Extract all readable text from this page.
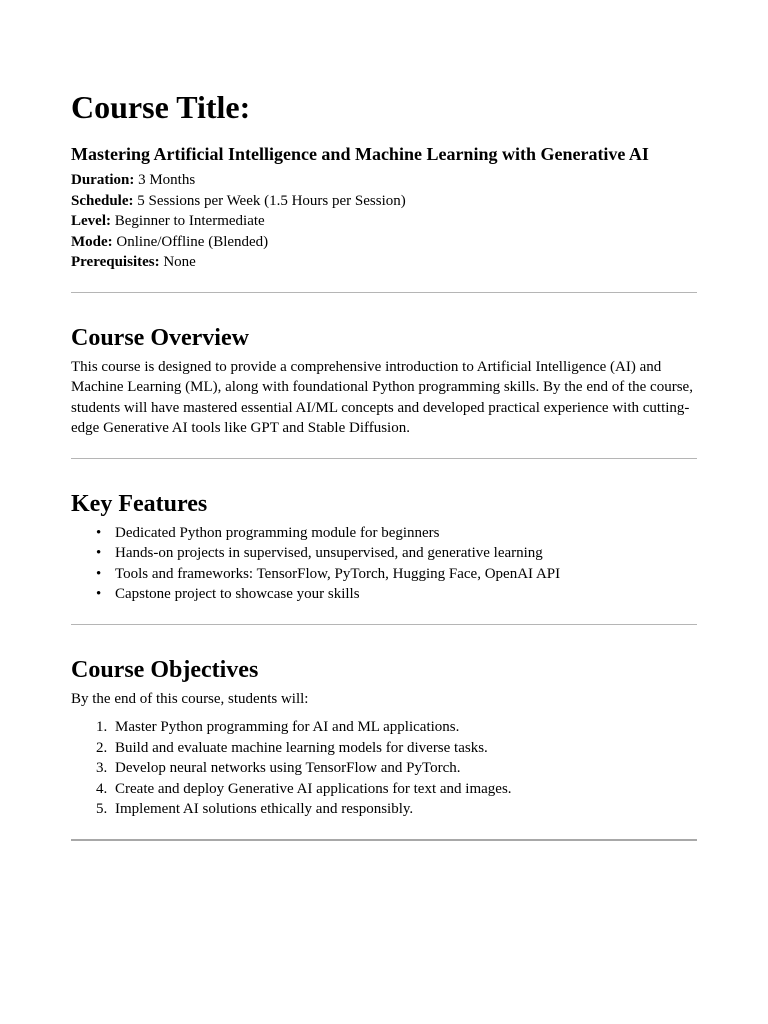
Course Title:
Mastering Artificial Intelligence and Machine Learning with Generative AI

Duration: 3 Months

Schedule: 5 Sessions per Week (1.5 Hours per Session)

Level: Beginner to Intermediate

Mode: Online/Offline (Blended)

Prerequisites: None

Course Overview

This course is designed to provide a comprehensive introduction to Artificial Intelligence (AI) and Machine Learning (ML), along with foundational Python programming skills. By the end of the course, students will have mastered essential AI/ML concepts and developed practical experience with cutting-edge Generative AI tools like GPT and Stable Diffusion.

Key Features
• Dedicated Python programming module for beginners
• Hands-on projects in supervised, unsupervised, and generative learning
• Tools and frameworks: TensorFlow, PyTorch, Hugging Face, OpenAI API
• Capstone project to showcase your skills
Course Objectives

By the end of this course, students will:

1. Master Python programming for AI and ML applications.
2. Build and evaluate machine learning models for diverse tasks.
3. Develop neural networks using TensorFlow and PyTorch.
4. Create and deploy Generative AI applications for text and images.
5. Implement AI solutions ethically and responsibly.
